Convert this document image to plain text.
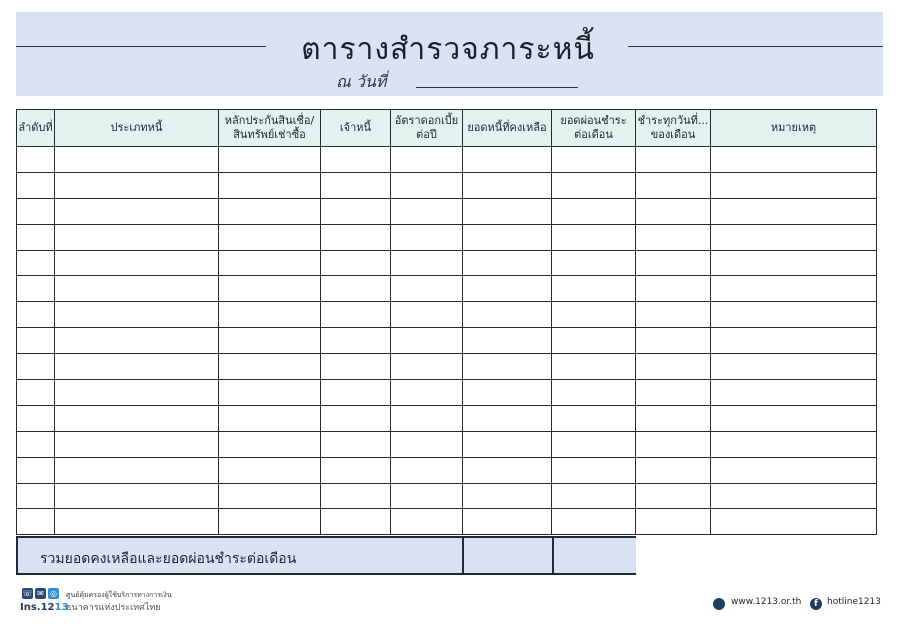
ตารางสำรวจภาระหนี้
ณ วันที่
ลำดับที่	ประเภทหนี้	หลักประกันสินเชื่อ/
สินทรัพย์เช่าซื้อ	เจ้าหนี้	อัตราดอกเบี้ย
ต่อปี	ยอดหนี้ที่คงเหลือ	ยอดผ่อนชำระ
ต่อเดือน	ชำระทุกวันที่...
ของเดือน	หมายเหตุ

รวมยอดคงเหลือและยอดผ่อนชำระต่อเดือน
☏ ✉ ◎
Ins.1213
ศูนย์คุ้มครองผู้ใช้บริการทางการเงิน
ธนาคารแห่งประเทศไทย
www.1213.or.th	f	hotline1213
